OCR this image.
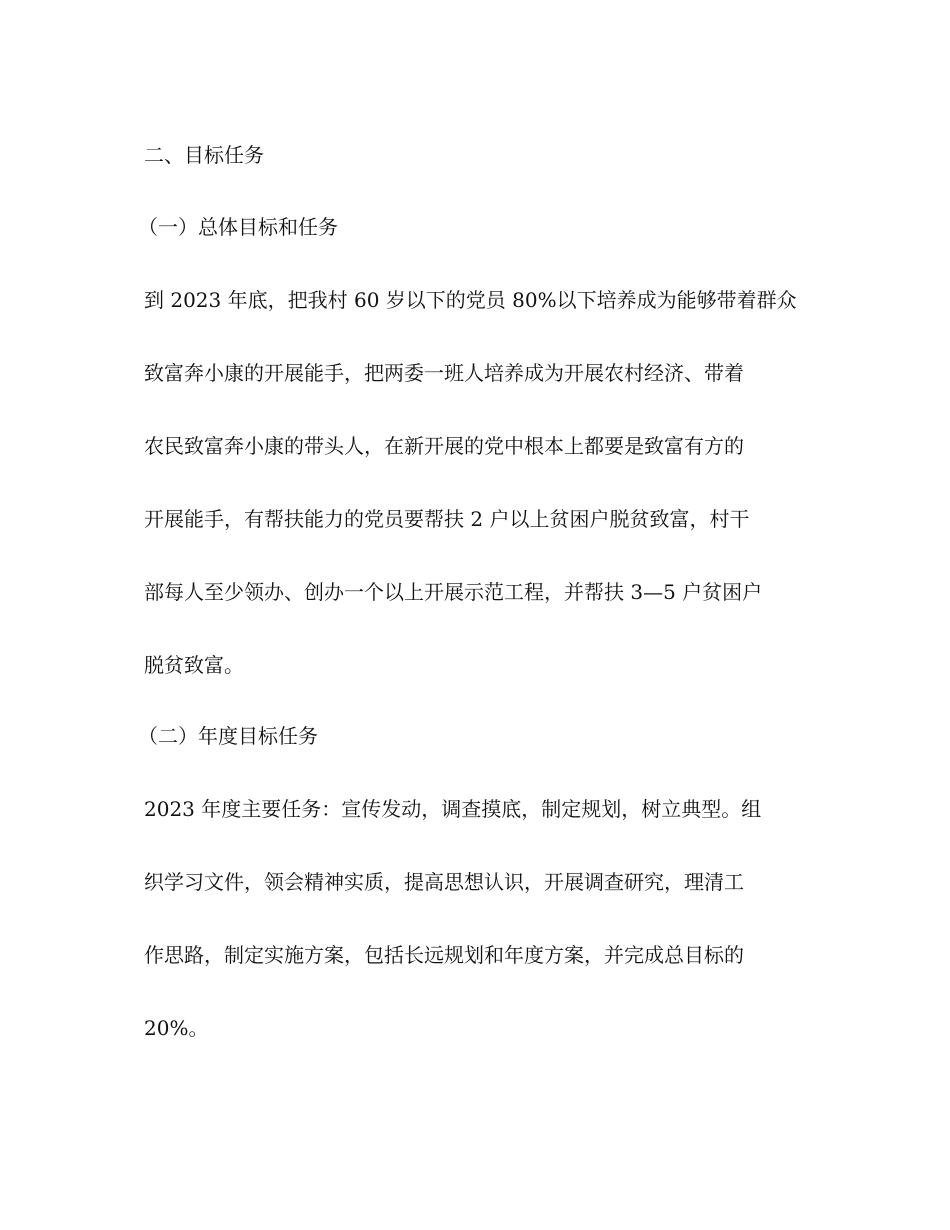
二、目标任务
（一）总体目标和任务
到 2023 年底，把我村 60 岁以下的党员 80%以下培养成为能够带着群众
致富奔小康的开展能手，把两委一班人培养成为开展农村经济、带着
农民致富奔小康的带头人，在新开展的党中根本上都要是致富有方的
开展能手，有帮扶能力的党员要帮扶 2 户以上贫困户脱贫致富，村干
部每人至少领办、创办一个以上开展示范工程，并帮扶 3—5 户贫困户
脱贫致富。
（二）年度目标任务
2023 年度主要任务：宣传发动，调查摸底，制定规划，树立典型。组
织学习文件，领会精神实质，提高思想认识，开展调查研究，理清工
作思路，制定实施方案，包括长远规划和年度方案，并完成总目标的
20%。
